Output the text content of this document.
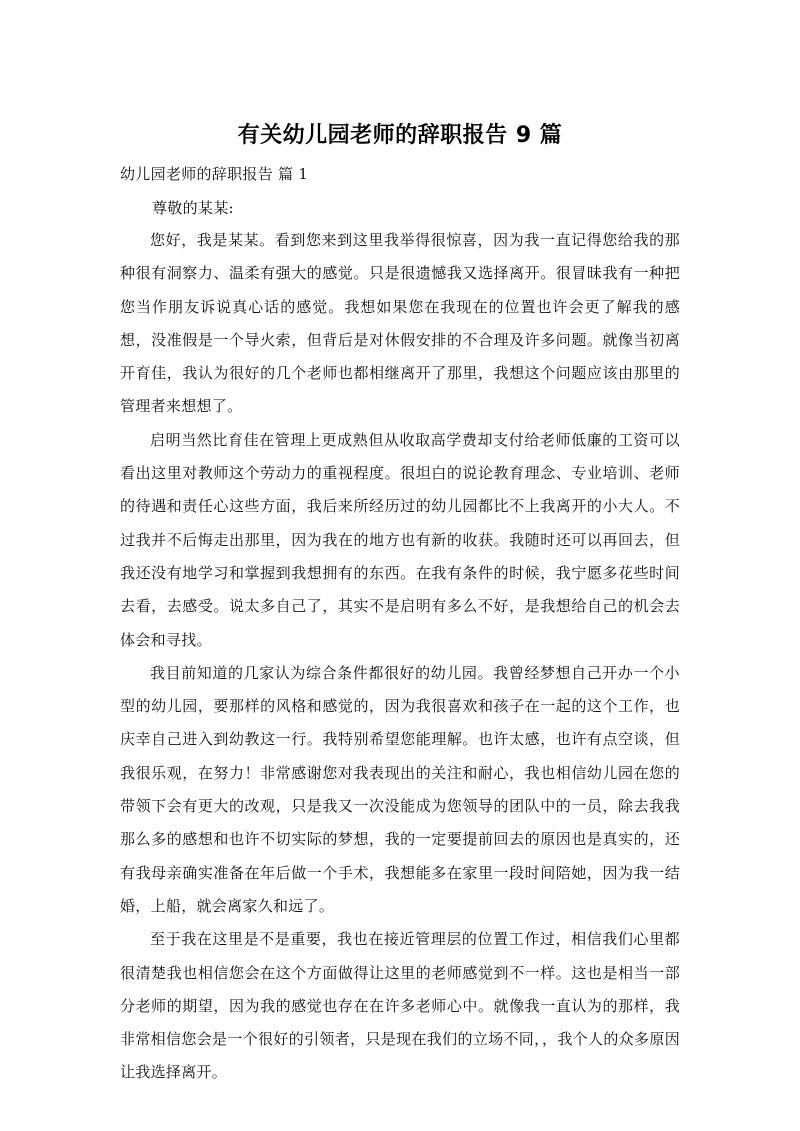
有关幼儿园老师的辞职报告 9 篇
幼儿园老师的辞职报告 篇 1
尊敬的某某:

您好，我是某某。看到您来到这里我举得很惊喜，因为我一直记得您给我的那种很有洞察力、温柔有强大的感觉。只是很遗憾我又选择离开。很冒昧我有一种把您当作朋友诉说真心话的感觉。我想如果您在我现在的位置也许会更了解我的感想，没准假是一个导火索，但背后是对休假安排的不合理及许多问题。就像当初离开育佳，我认为很好的几个老师也都相继离开了那里，我想这个问题应该由那里的管理者来想想了。

启明当然比育佳在管理上更成熟但从收取高学费却支付给老师低廉的工资可以看出这里对教师这个劳动力的重视程度。很坦白的说论教育理念、专业培训、老师的待遇和责任心这些方面，我后来所经历过的幼儿园都比不上我离开的小大人。不过我并不后悔走出那里，因为我在的地方也有新的收获。我随时还可以再回去，但我还没有地学习和掌握到我想拥有的东西。在我有条件的时候，我宁愿多花些时间去看，去感受。说太多自己了，其实不是启明有多么不好，是我想给自己的机会去体会和寻找。

我目前知道的几家认为综合条件都很好的幼儿园。我曾经梦想自己开办一个小型的幼儿园，要那样的风格和感觉的，因为我很喜欢和孩子在一起的这个工作，也庆幸自己进入到幼教这一行。我特别希望您能理解。也许太感，也许有点空谈，但我很乐观，在努力！非常感谢您对我表现出的关注和耐心，我也相信幼儿园在您的带领下会有更大的改观，只是我又一次没能成为您领导的团队中的一员，除去我我那么多的感想和也许不切实际的梦想，我的一定要提前回去的原因也是真实的，还有我母亲确实准备在年后做一个手术，我想能多在家里一段时间陪她，因为我一结婚，上船，就会离家久和远了。

至于我在这里是不是重要，我也在接近管理层的位置工作过，相信我们心里都很清楚我也相信您会在这个方面做得让这里的老师感觉到不一样。这也是相当一部分老师的期望，因为我的感觉也存在在许多老师心中。就像我一直认为的那样，我非常相信您会是一个很好的引领者，只是现在我们的立场不同，，我个人的众多原因让我选择离开。
